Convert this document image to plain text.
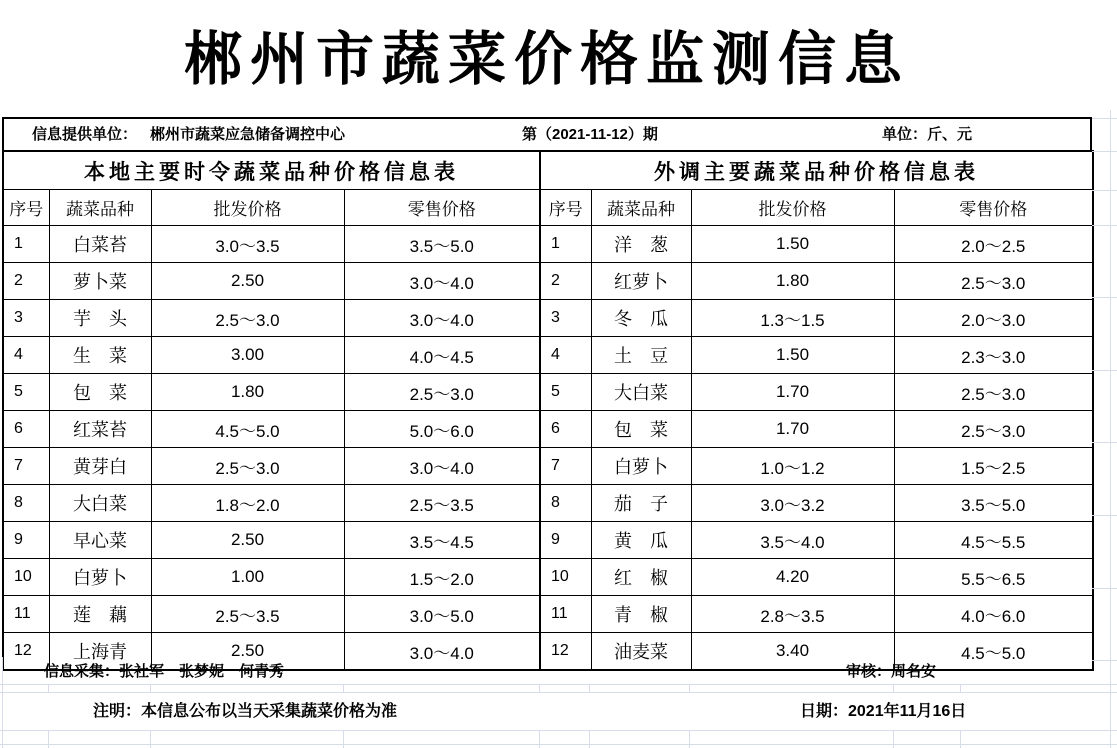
郴州市蔬菜价格监测信息
信息提供单位： 郴州市蔬菜应急储备调控中心	第（2021-11-12）期	单位：斤、元
本地主要时令蔬菜品种价格信息表			
序号	蔬菜品种	批发价格	零售价格
1	白菜苔	3.0～3.5	3.5～5.0
2	萝卜菜	2.50	3.0～4.0
3	芋　头	2.5～3.0	3.0～4.0
4	生　菜	3.00	4.0～4.5
5	包　菜	1.80	2.5～3.0
6	红菜苔	4.5～5.0	5.0～6.0
7	黄芽白	2.5～3.0	3.0～4.0
8	大白菜	1.8～2.0	2.5～3.5
9	早心菜	2.50	3.5～4.5
10	白萝卜	1.00	1.5～2.0
11	莲　藕	2.5～3.5	3.0～5.0
12	上海青	2.50	3.0～4.0
外调主要蔬菜品种价格信息表			
序号	蔬菜品种	批发价格	零售价格
1	洋　葱	1.50	2.0～2.5
2	红萝卜	1.80	2.5～3.0
3	冬　瓜	1.3～1.5	2.0～3.0
4	土　豆	1.50	2.3～3.0
5	大白菜	1.70	2.5～3.0
6	包　菜	1.70	2.5～3.0
7	白萝卜	1.0～1.2	1.5～2.5
8	茄　子	3.0～3.2	3.5～5.0
9	黄　瓜	3.5～4.0	4.5～5.5
10	红　椒	4.20	5.5～6.5
11	青　椒	2.8～3.5	4.0～6.0
12	油麦菜	3.40	4.5～5.0
信息采集：张社军　张梦妮　何青秀	审核：周名安
注明：本信息公布以当天采集蔬菜价格为准	日期：2021年11月16日
